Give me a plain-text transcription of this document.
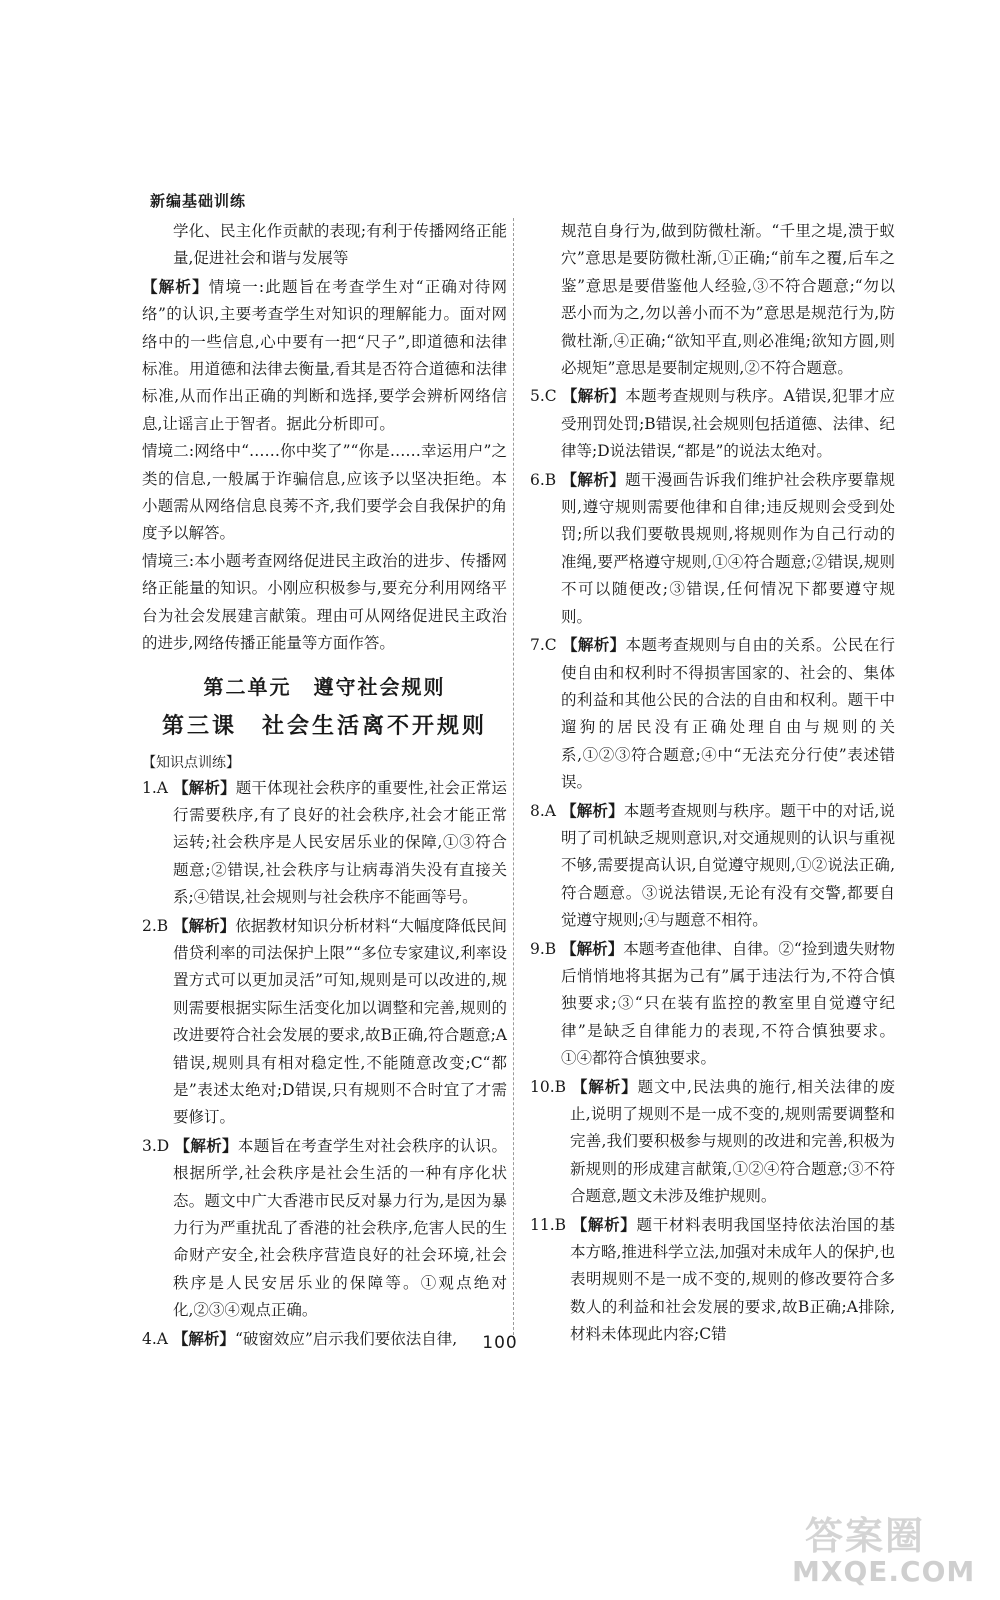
新编基础训练

学化、民主化作贡献的表现;有利于传播网络正能量,促进社会和谐与发展等

【解析】情境一:此题旨在考查学生对“正确对待网络”的认识,主要考查学生对知识的理解能力。面对网络中的一些信息,心中要有一把“尺子”,即道德和法律标准。用道德和法律去衡量,看其是否符合道德和法律标准,从而作出正确的判断和选择,要学会辨析网络信息,让谣言止于智者。据此分析即可。

情境二:网络中“……你中奖了”“你是……幸运用户”之类的信息,一般属于诈骗信息,应该予以坚决拒绝。本小题需从网络信息良莠不齐,我们要学会自我保护的角度予以解答。

情境三:本小题考查网络促进民主政治的进步、传播网络正能量的知识。小刚应积极参与,要充分利用网络平台为社会发展建言献策。理由可从网络促进民主政治的进步,网络传播正能量等方面作答。

第二单元　遵守社会规则
第三课　社会生活离不开规则
【知识点训练】

1.A 【解析】题干体现社会秩序的重要性,社会正常运行需要秩序,有了良好的社会秩序,社会才能正常运转;社会秩序是人民安居乐业的保障,①③符合题意;②错误,社会秩序与让病毒消失没有直接关系;④错误,社会规则与社会秩序不能画等号。

2.B 【解析】依据教材知识分析材料“大幅度降低民间借贷利率的司法保护上限”“多位专家建议,利率设置方式可以更加灵活”可知,规则是可以改进的,规则需要根据实际生活变化加以调整和完善,规则的改进要符合社会发展的要求,故B正确,符合题意;A错误,规则具有相对稳定性,不能随意改变;C“都是”表述太绝对;D错误,只有规则不合时宜了才需要修订。

3.D 【解析】本题旨在考查学生对社会秩序的认识。根据所学,社会秩序是社会生活的一种有序化状态。题文中广大香港市民反对暴力行为,是因为暴力行为严重扰乱了香港的社会秩序,危害人民的生命财产安全,社会秩序营造良好的社会环境,社会秩序是人民安居乐业的保障等。①观点绝对化,②③④观点正确。

4.A 【解析】“破窗效应”启示我们要依法自律,

规范自身行为,做到防微杜渐。“千里之堤,溃于蚁穴”意思是要防微杜渐,①正确;“前车之覆,后车之鉴”意思是要借鉴他人经验,③不符合题意;“勿以恶小而为之,勿以善小而不为”意思是规范行为,防微杜渐,④正确;“欲知平直,则必准绳;欲知方圆,则必规矩”意思是要制定规则,②不符合题意。

5.C 【解析】本题考查规则与秩序。A错误,犯罪才应受刑罚处罚;B错误,社会规则包括道德、法律、纪律等;D说法错误,“都是”的说法太绝对。

6.B 【解析】题干漫画告诉我们维护社会秩序要靠规则,遵守规则需要他律和自律;违反规则会受到处罚;所以我们要敬畏规则,将规则作为自己行动的准绳,要严格遵守规则,①④符合题意;②错误,规则不可以随便改;③错误,任何情况下都要遵守规则。

7.C 【解析】本题考查规则与自由的关系。公民在行使自由和权利时不得损害国家的、社会的、集体的利益和其他公民的合法的自由和权利。题干中遛狗的居民没有正确处理自由与规则的关系,①②③符合题意;④中“无法充分行使”表述错误。

8.A 【解析】本题考查规则与秩序。题干中的对话,说明了司机缺乏规则意识,对交通规则的认识与重视不够,需要提高认识,自觉遵守规则,①②说法正确,符合题意。③说法错误,无论有没有交警,都要自觉遵守规则;④与题意不相符。

9.B 【解析】本题考查他律、自律。②“捡到遗失财物后悄悄地将其据为己有”属于违法行为,不符合慎独要求;③“只在装有监控的教室里自觉遵守纪律”是缺乏自律能力的表现,不符合慎独要求。①④都符合慎独要求。

10.B 【解析】题文中,民法典的施行,相关法律的废止,说明了规则不是一成不变的,规则需要调整和完善,我们要积极参与规则的改进和完善,积极为新规则的形成建言献策,①②④符合题意;③不符合题意,题文未涉及维护规则。

11.B 【解析】题干材料表明我国坚持依法治国的基本方略,推进科学立法,加强对未成年人的保护,也表明规则不是一成不变的,规则的修改要符合多数人的利益和社会发展的要求,故B正确;A排除,材料未体现此内容;C错

100
答案圈
MXQE.COM
